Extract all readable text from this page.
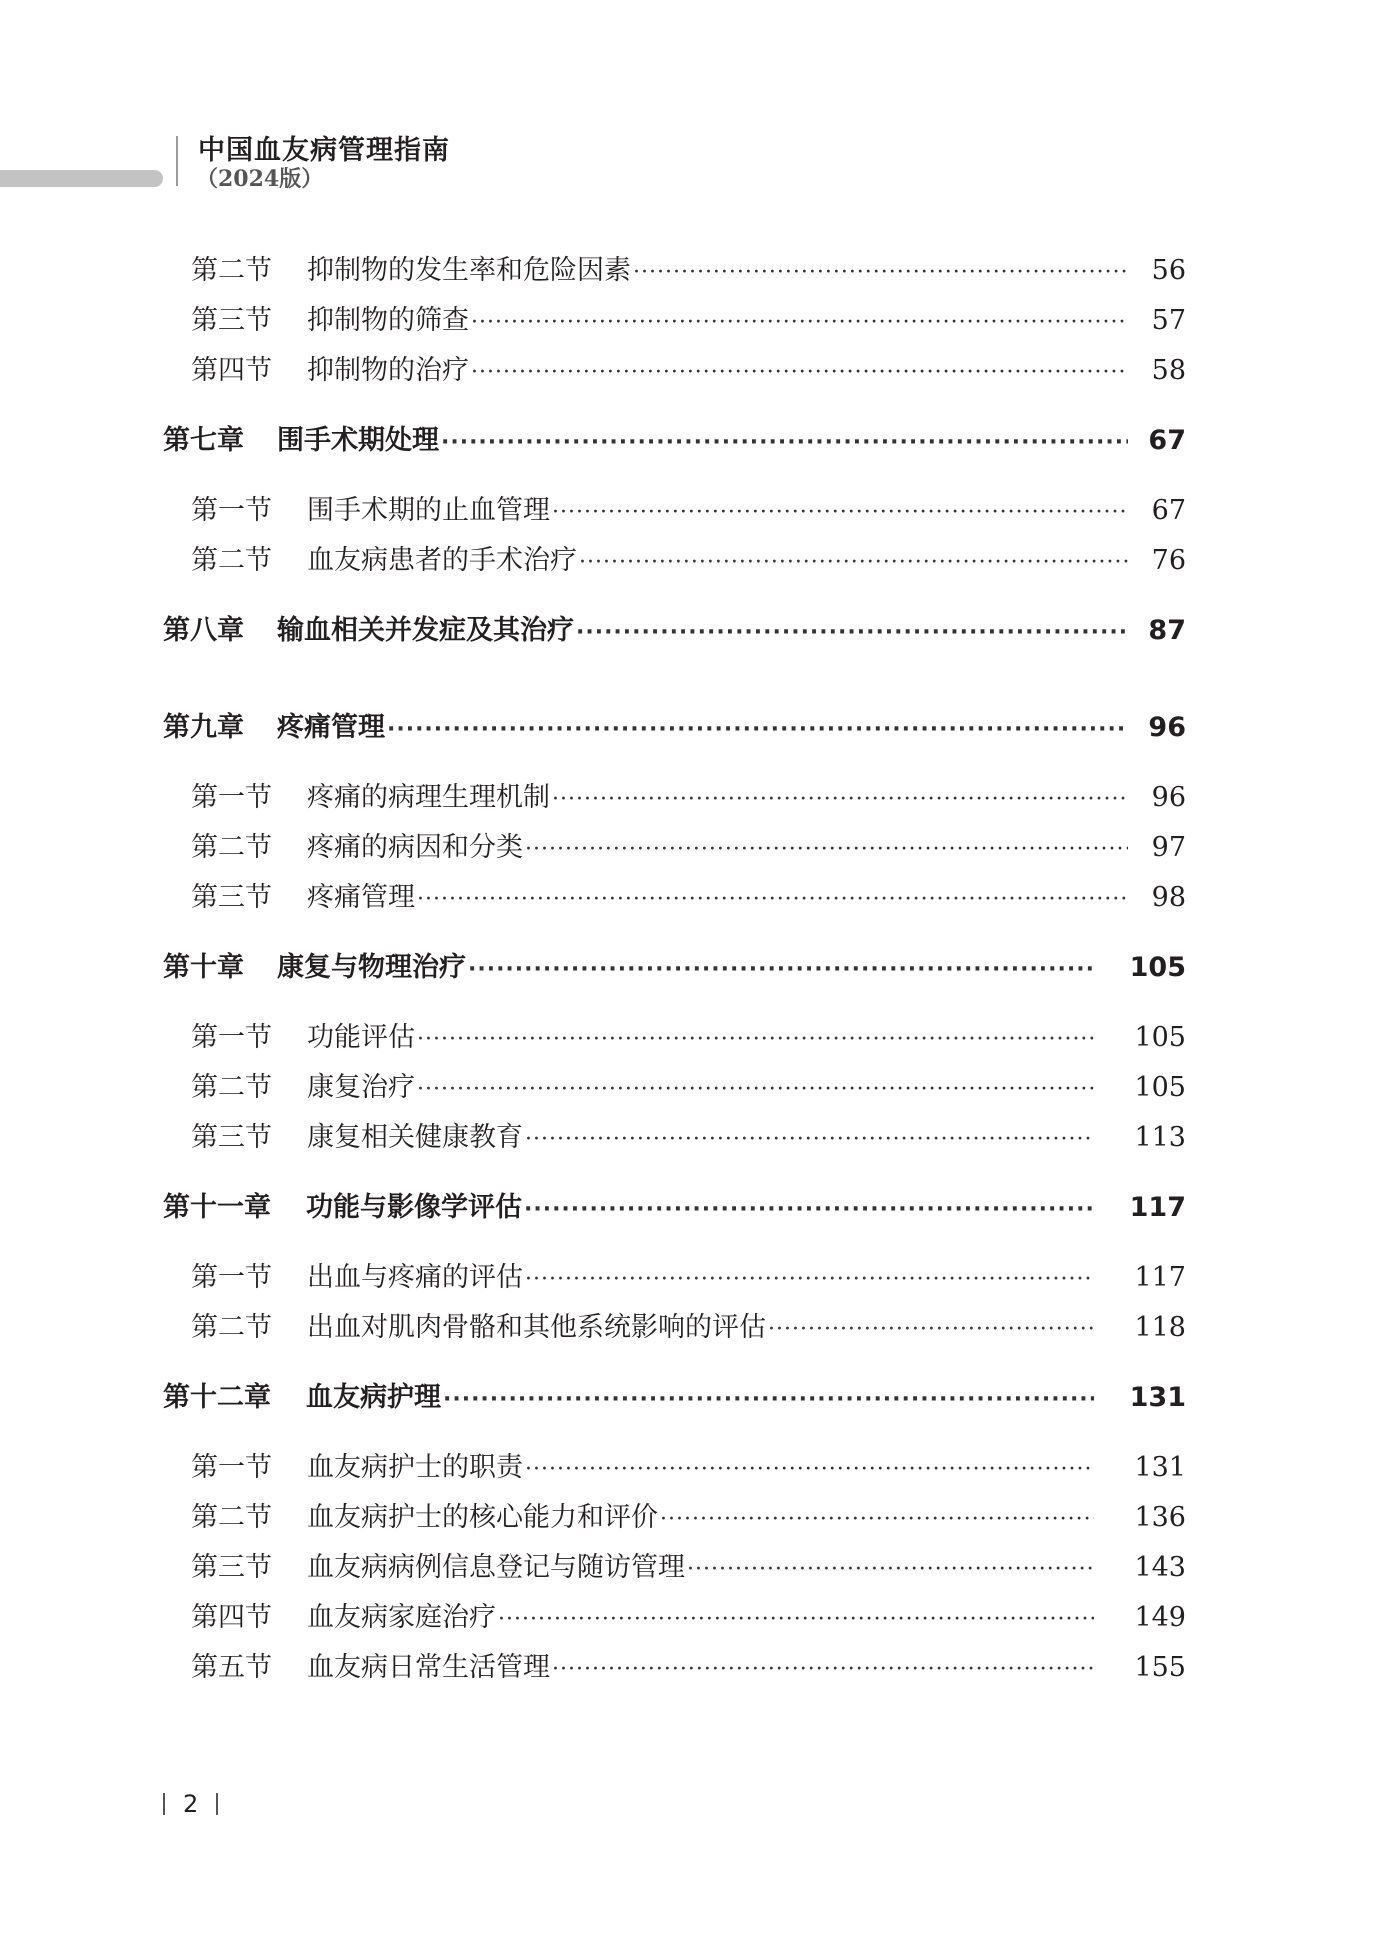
中国血友病管理指南
（2024版）
第二节	抑制物的发生率和危险因素 ·····	56
第三节	抑制物的筛查 ·····	57
第四节	抑制物的治疗 ·····	58
第七章	围手术期处理 ·····	67
第一节	围手术期的止血管理 ·····	67
第二节	血友病患者的手术治疗 ·····	76
第八章	输血相关并发症及其治疗 ·····	87
第九章	疼痛管理 ·····	96
第一节	疼痛的病理生理机制 ·····	96
第二节	疼痛的病因和分类 ·····	97
第三节	疼痛管理 ·····	98
第十章	康复与物理治疗 ·····	105
第一节	功能评估 ·····	105
第二节	康复治疗 ·····	105
第三节	康复相关健康教育 ·····	113
第十一章	功能与影像学评估 ·····	117
第一节	出血与疼痛的评估 ·····	117
第二节	出血对肌肉骨骼和其他系统影响的评估 ·····	118
第十二章	血友病护理 ·····	131
第一节	血友病护士的职责 ·····	131
第二节	血友病护士的核心能力和评价 ·····	136
第三节	血友病病例信息登记与随访管理 ·····	143
第四节	血友病家庭治疗 ·····	149
第五节	血友病日常生活管理 ·····	155
2
